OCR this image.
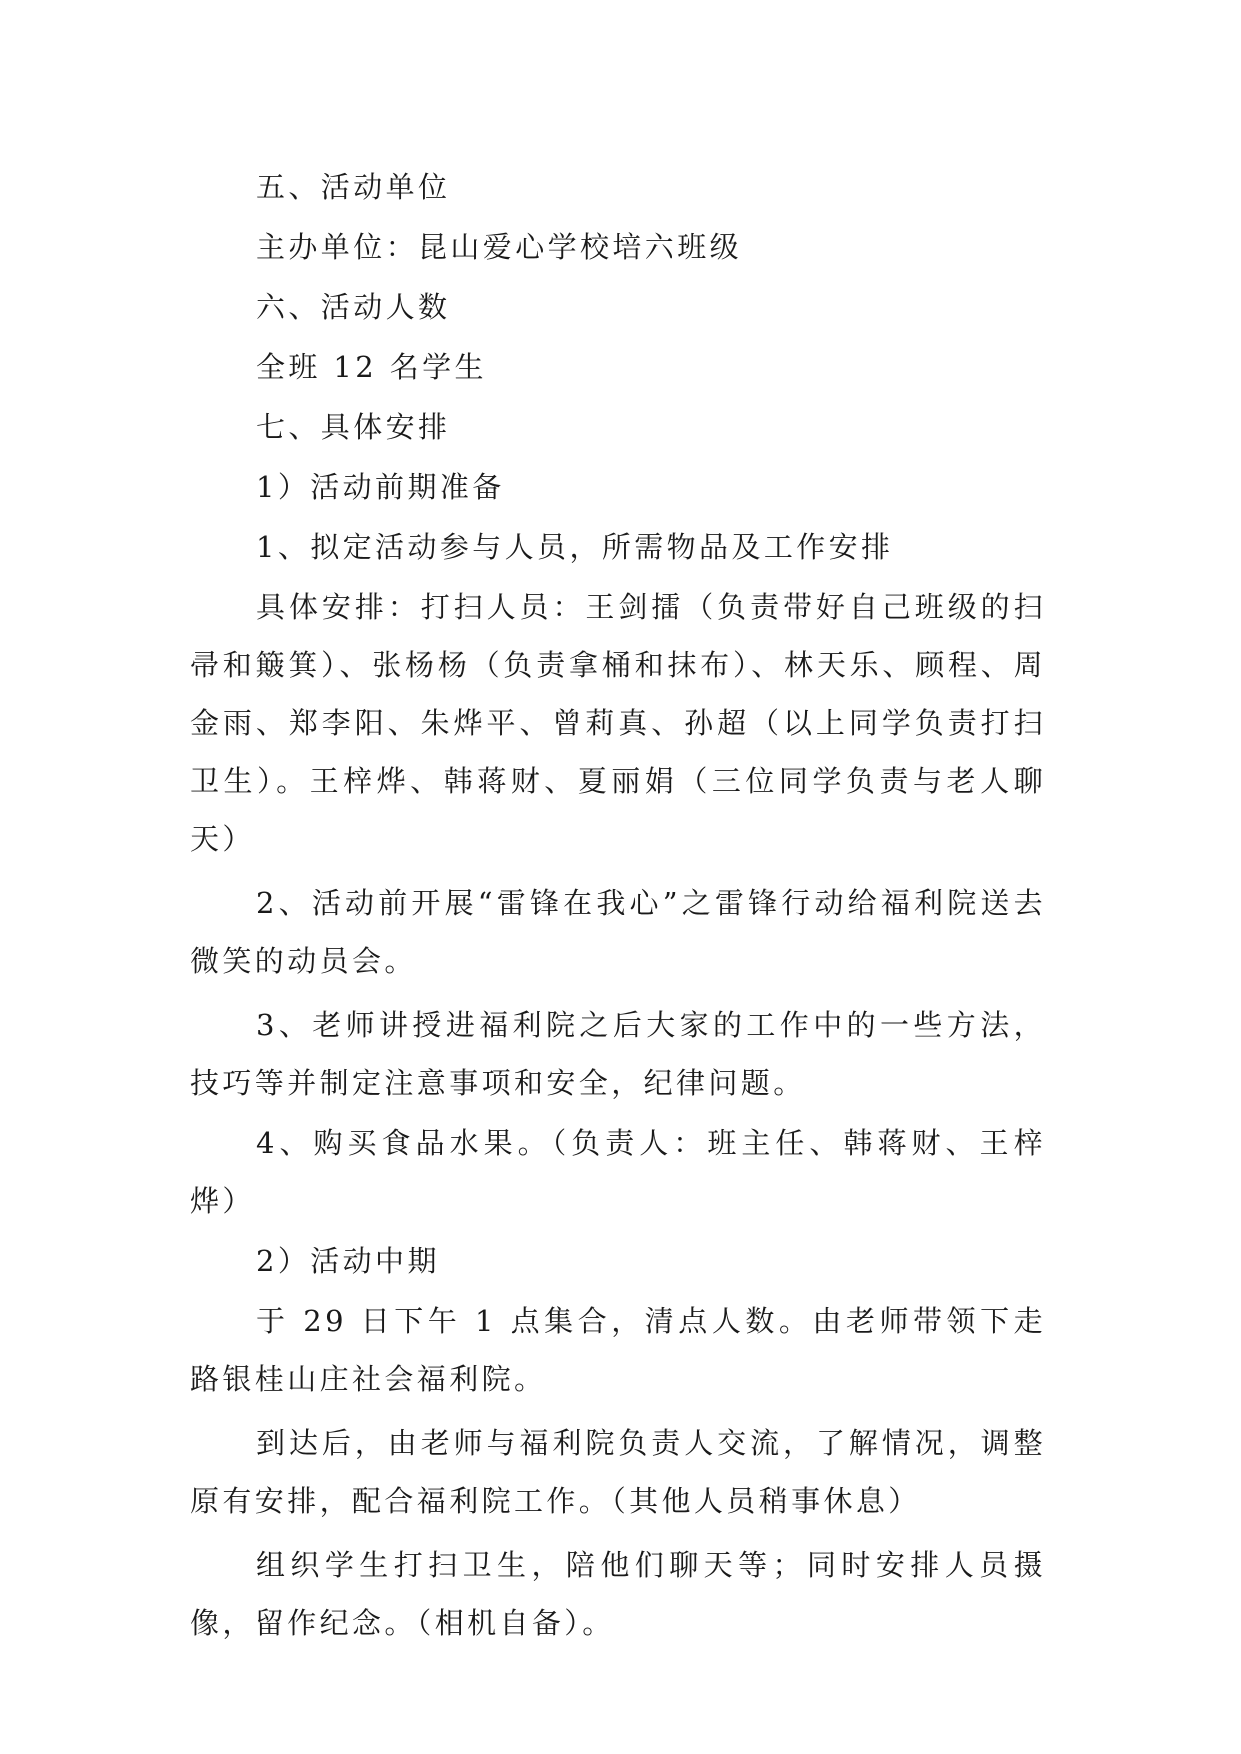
五、活动单位

主办单位：昆山爱心学校培六班级

六、活动人数

全班 12 名学生

七、具体安排

1）活动前期准备

1、拟定活动参与人员，所需物品及工作安排

具体安排：打扫人员：王剑擂（负责带好自己班级的扫帚和簸箕）、张杨杨（负责拿桶和抹布）、林天乐、顾程、周金雨、郑李阳、朱烨平、曾莉真、孙超（以上同学负责打扫卫生）。王梓烨、韩蒋财、夏丽娟（三位同学负责与老人聊天）

2、活动前开展“雷锋在我心”之雷锋行动给福利院送去微笑的动员会。

3、老师讲授进福利院之后大家的工作中的一些方法，技巧等并制定注意事项和安全，纪律问题。

4、购买食品水果。（负责人：班主任、韩蒋财、王梓烨）

2）活动中期

于 29 日下午 1 点集合，清点人数。由老师带领下走路银桂山庄社会福利院。

到达后，由老师与福利院负责人交流，了解情况，调整原有安排，配合福利院工作。（其他人员稍事休息）

组织学生打扫卫生，陪他们聊天等；同时安排人员摄像，留作纪念。（相机自备）。
